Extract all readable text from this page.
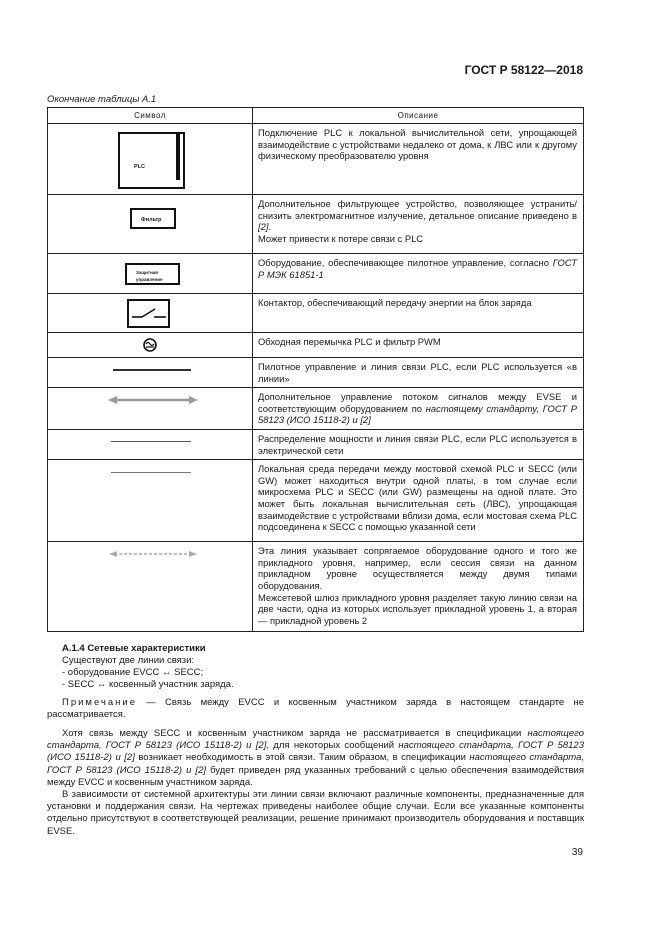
ГОСТ Р 58122—2018
Окончание таблицы А.1
Символ	Описание

PLC	Подключение PLC к локальной вычислительной сети, упрощающей взаимодействие с устройствами недалеко от дома, к ЛВС или к другому физическому преобразователю уровня

Фильтр	Дополнительное фильтрующее устройство, позволяющее устранить/снизить электромагнитное излучение, детальное описание приведено в [2].
Может привести к потере связи с PLC

Защитная
управление	Оборудование, обеспечивающее пилотное управление, согласно ГОСТ Р МЭК 61851-1

	Контактор, обеспечивающий передачу энергии на блок заряда

	Обходная перемычка PLC и фильтр PWM

	Пилотное управление и линия связи PLC, если PLC используется «в линии»

	Дополнительное управление потоком сигналов между EVSE и соответствующим оборудованием по настоящему стандарту, ГОСТ Р 58123 (ИСО 15118-2) и [2]

	Распределение мощности и линия связи PLC, если PLC используется в электрической сети

	Локальная среда передачи между мостовой схемой PLC и SECC (или GW) может находиться внутри одной платы, в том случае если микросхема PLC и SECC (или GW) размещены на одной плате. Это может быть локальная вычислительная сеть (ЛВС), упрощающая взаимодействие с устройствами вблизи дома, если мостовая схема PLC подсоединена к SECC с помощью указанной сети

	Эта линия указывает сопрягаемое оборудование одного и того же прикладного уровня, например, если сессия связи на данном прикладном уровне осуществляется между двумя типами оборудования.
Межсетевой шлюз прикладного уровня разделяет такую линию связи на две части, одна из которых использует прикладной уровень 1, а вторая — прикладной уровень 2
А.1.4 Сетевые характеристики
Существуют две линии связи:
- оборудование EVCC ↔ SECC;
- SECC ↔ косвенный участник заряда.
Примечание — Связь между EVCC и косвенным участником заряда в настоящем стандарте не рассматривается.
Хотя связь между SECC и косвенным участником заряда не рассматривается в спецификации настоящего стандарта, ГОСТ Р 58123 (ИСО 15118-2) и [2], для некоторых сообщений настоящего стандарта, ГОСТ Р 58123 (ИСО 15118-2) и [2] возникает необходимость в этой связи. Таким образом, в спецификации настоящего стандарта, ГОСТ Р 58123 (ИСО 15118-2) и [2] будет приведен ряд указанных требований с целью обеспечения взаимодействия между EVCC и косвенным участником заряда.
В зависимости от системной архитектуры эти линии связи включают различные компоненты, предназначенные для установки и поддержания связи. На чертежах приведены наиболее общие случаи. Если все указанные компоненты отдельно присутствуют в соответствующей реализации, решение принимают производитель оборудования и поставщик EVSE.
39
